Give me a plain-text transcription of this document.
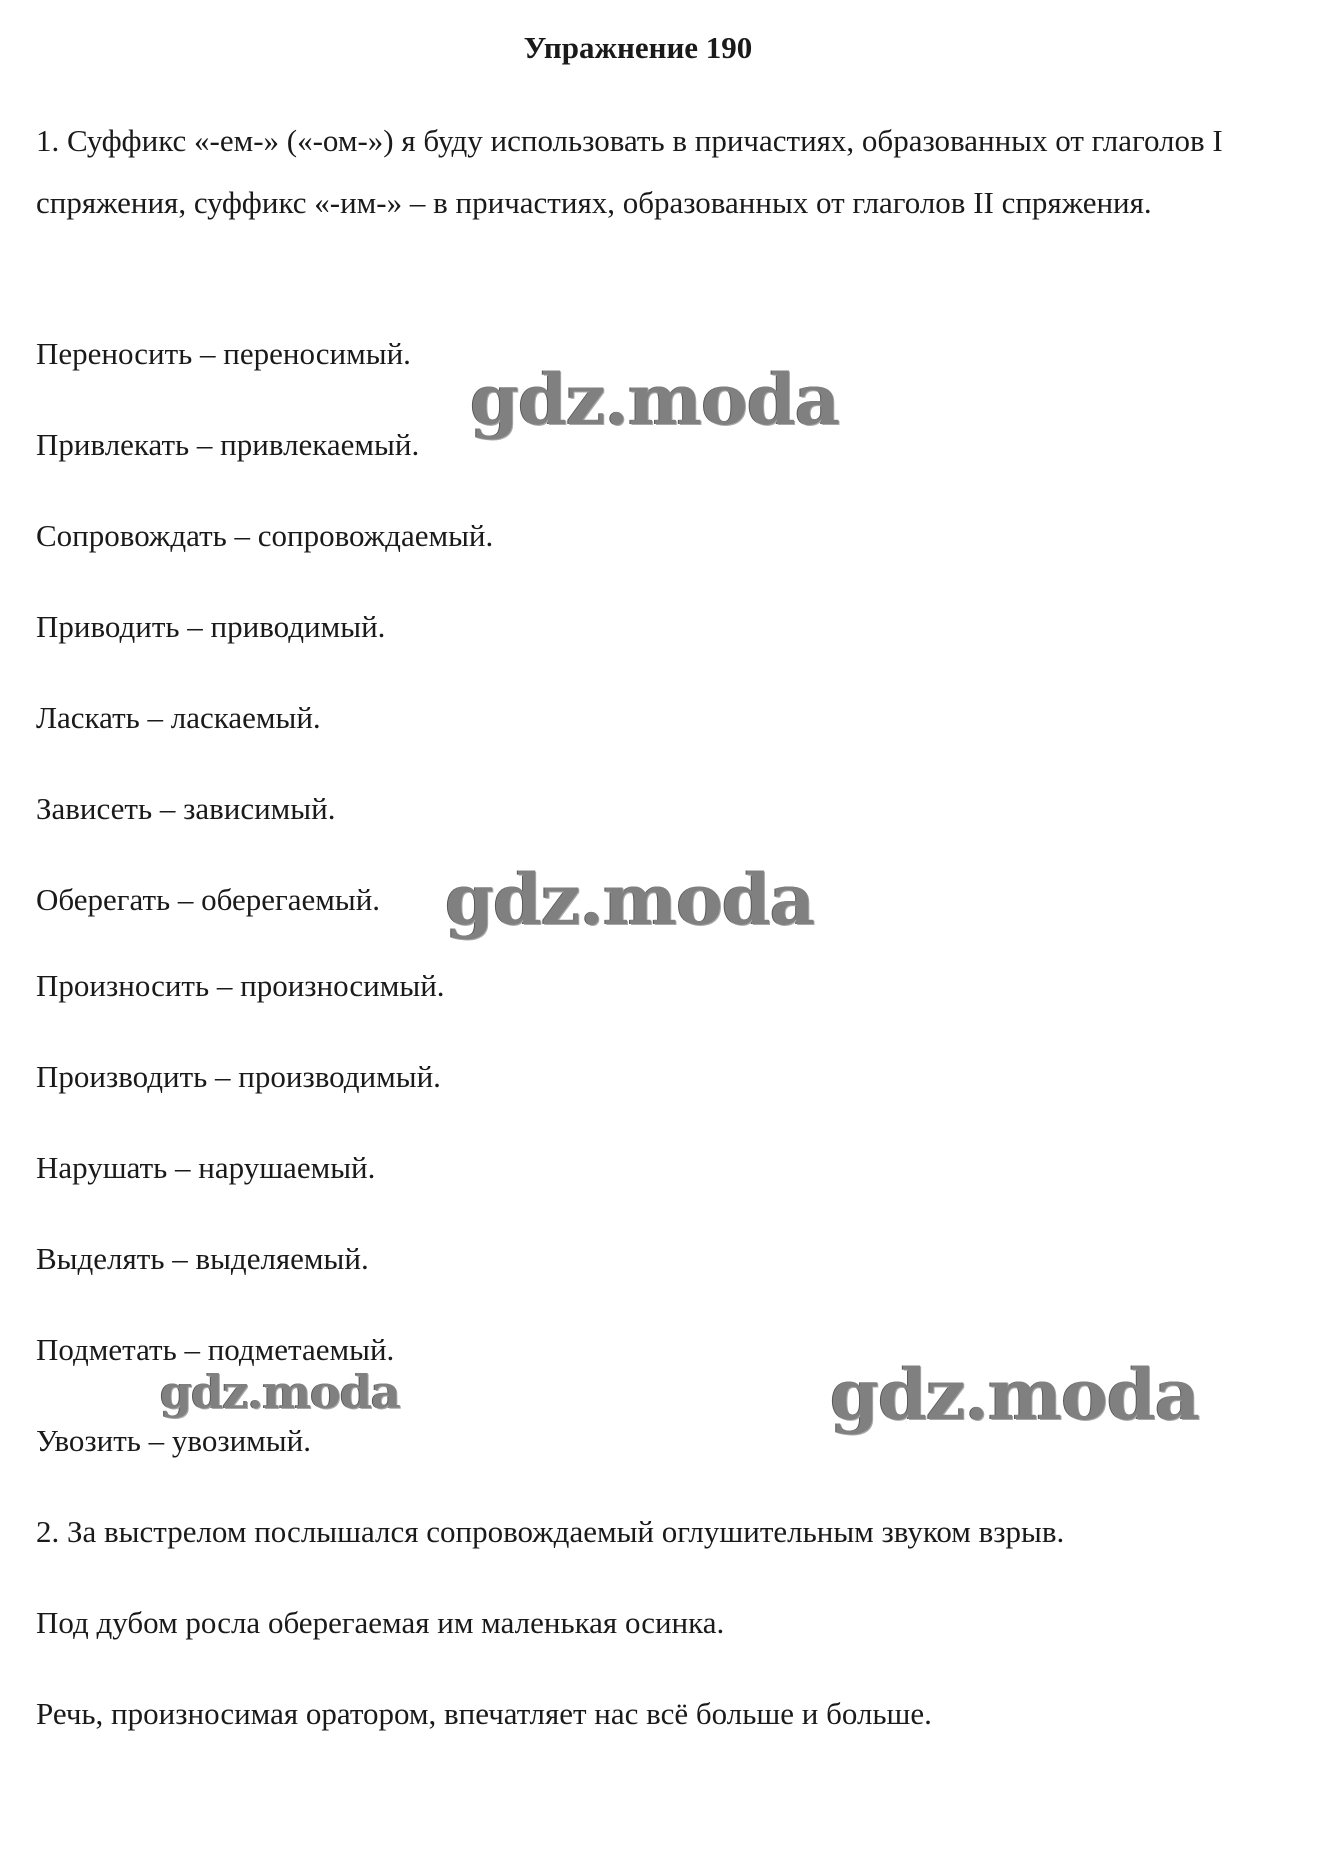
Упражнение 190

1. Суффикс «-ем-» («-ом-») я буду использовать в причастиях, образованных от глаголов I спряжения, суффикс «-им-» – в причастиях, образованных от глаголов II спряжения.

Переносить – переносимый.
Привлекать – привлекаемый.
Сопровождать – сопровождаемый.
Приводить – приводимый.
Ласкать – ласкаемый.
Зависеть – зависимый.
Оберегать – оберегаемый.
Произносить – произносимый.
Производить – производимый.
Нарушать – нарушаемый.
Выделять – выделяемый.
Подметать – подметаемый.
Увозить – увозимый.
2. За выстрелом послышался сопровождаемый оглушительным звуком взрыв.
Под дубом росла оберегаемая им маленькая осинка.
Речь, произносимая оратором, впечатляет нас всё больше и больше.
gdz.moda
gdz.moda
gdz.moda	gdz.moda
